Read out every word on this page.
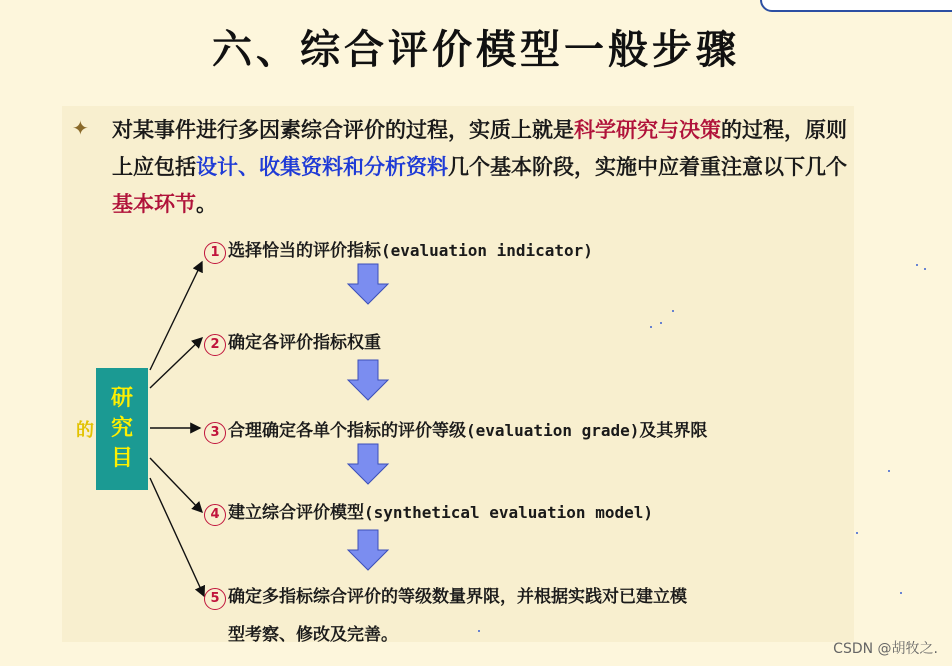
六、综合评价模型一般步骤
✦ 对某事件进行多因素综合评价的过程，实质上就是科学研究与决策的过程，原则上应包括设计、收集资料和分析资料几个基本阶段，实施中应着重注意以下几个基本环节。
的
研
究
目
1 选择恰当的评价指标(evaluation indicator)
2 确定各评价指标权重
3 合理确定各单个指标的评价等级(evaluation grade)及其界限
4 建立综合评价模型(synthetical evaluation model)
5 确定多指标综合评价的等级数量界限，并根据实践对已建立模
型考察、修改及完善。
CSDN @胡牧之.
